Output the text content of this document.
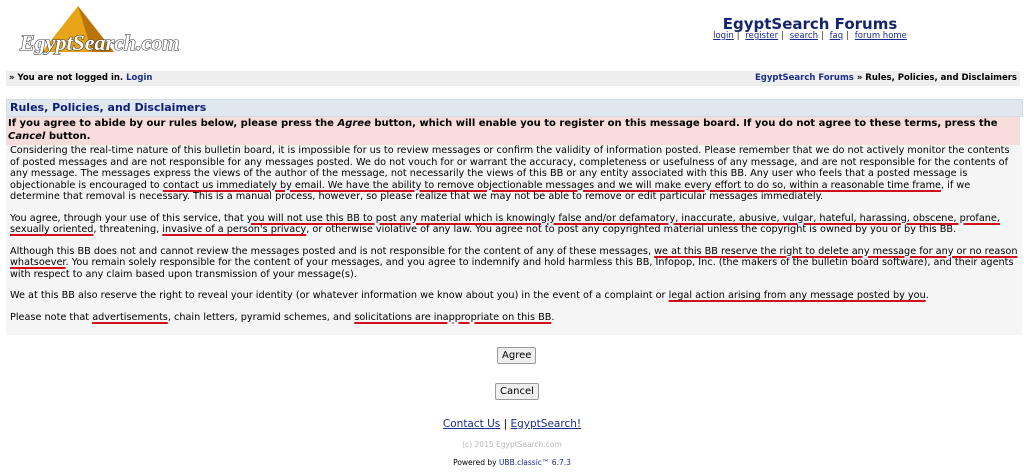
EgyptSearch.com
EgyptSearch Forums
login | register | search | faq | forum home
» You are not logged in. Login	EgyptSearch Forums » Rules, Policies, and Disclaimers
Rules, Policies, and Disclaimers
If you agree to abide by our rules below, please press the Agree button, which will enable you to register on this message board. If you do not agree to these terms, press the Cancel button.

Considering the real-time nature of this bulletin board, it is impossible for us to review messages or confirm the validity of information posted. Please remember that we do not actively monitor the contents of posted messages and are not responsible for any messages posted. We do not vouch for or warrant the accuracy, completeness or usefulness of any message, and are not responsible for the contents of any message. The messages express the views of the author of the message, not necessarily the views of this BB or any entity associated with this BB. Any user who feels that a posted message is objectionable is encouraged to contact us immediately by email. We have the ability to remove objectionable messages and we will make every effort to do so, within a reasonable time frame, if we determine that removal is necessary. This is a manual process, however, so please realize that we may not be able to remove or edit particular messages immediately.

You agree, through your use of this service, that you will not use this BB to post any material which is knowingly false and/or defamatory, inaccurate, abusive, vulgar, hateful, harassing, obscene, profane, sexually oriented, threatening, invasive of a person's privacy, or otherwise violative of any law. You agree not to post any copyrighted material unless the copyright is owned by you or by this BB.

Although this BB does not and cannot review the messages posted and is not responsible for the content of any of these messages, we at this BB reserve the right to delete any message for any or no reason whatsoever. You remain solely responsible for the content of your messages, and you agree to indemnify and hold harmless this BB, Infopop, Inc. (the makers of the bulletin board software), and their agents with respect to any claim based upon transmission of your message(s).

We at this BB also reserve the right to reveal your identity (or whatever information we know about you) in the event of a complaint or legal action arising from any message posted by you.

Please note that advertisements, chain letters, pyramid schemes, and solicitations are inappropriate on this BB.

Agree
Cancel
Contact Us | EgyptSearch!
(c) 2015 EgyptSearch.com
Powered by UBB.classic™ 6.7.3
